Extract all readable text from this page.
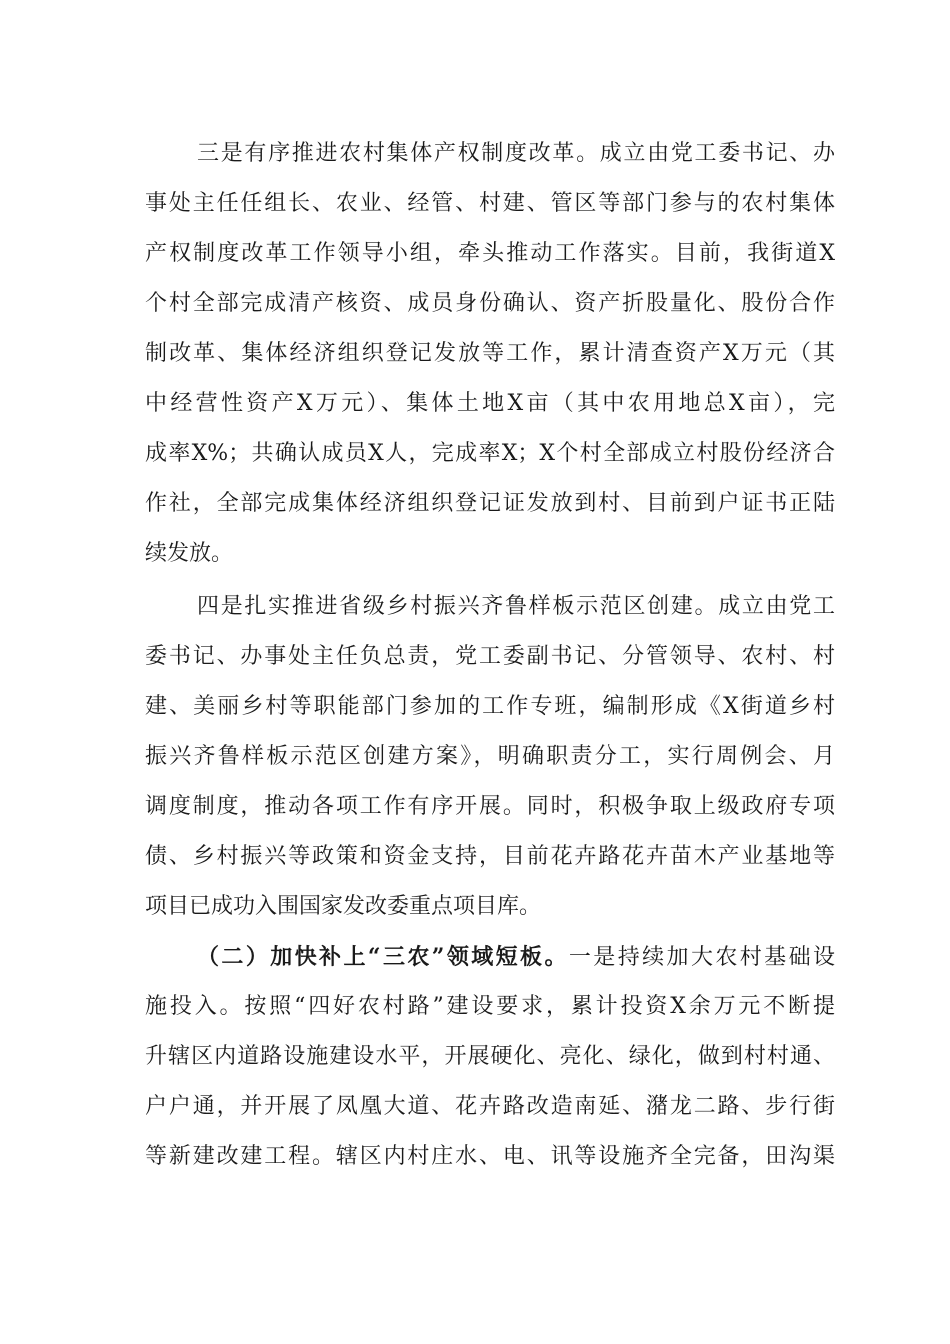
三是有序推进农村集体产权制度改革。成立由党工委书记、办
事处主任任组长、农业、经管、村建、管区等部门参与的农村集体
产权制度改革工作领导小组，牵头推动工作落实。目前，我街道X
个村全部完成清产核资、成员身份确认、资产折股量化、股份合作
制改革、集体经济组织登记发放等工作，累计清查资产X万元（其
中经营性资产X万元）、集体土地X亩（其中农用地总X亩），完
成率X%；共确认成员X人，完成率X；X个村全部成立村股份经济合
作社，全部完成集体经济组织登记证发放到村、目前到户证书正陆
续发放。
四是扎实推进省级乡村振兴齐鲁样板示范区创建。成立由党工
委书记、办事处主任负总责，党工委副书记、分管领导、农村、村
建、美丽乡村等职能部门参加的工作专班，编制形成《X街道乡村
振兴齐鲁样板示范区创建方案》，明确职责分工，实行周例会、月
调度制度，推动各项工作有序开展。同时，积极争取上级政府专项
债、乡村振兴等政策和资金支持，目前花卉路花卉苗木产业基地等
项目已成功入围国家发改委重点项目库。
（二）加快补上“三农”领域短板。一是持续加大农村基础设
施投入。按照“四好农村路”建设要求，累计投资X余万元不断提
升辖区内道路设施建设水平，开展硬化、亮化、绿化，做到村村通、
户户通，并开展了凤凰大道、花卉路改造南延、潴龙二路、步行街
等新建改建工程。辖区内村庄水、电、讯等设施齐全完备，田沟渠
